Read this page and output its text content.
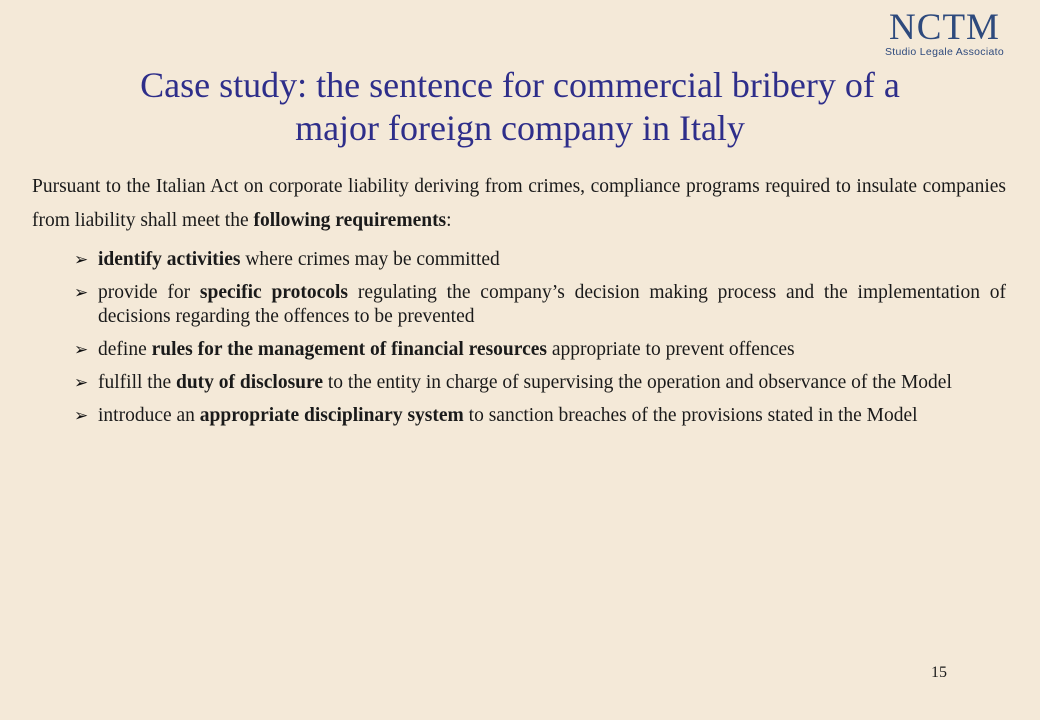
NCTM
Studio Legale Associato
Case study: the sentence for commercial bribery of a
major foreign company in Italy

Pursuant to the Italian Act on corporate liability deriving from crimes, compliance programs required to insulate companies from liability shall meet the following requirements:

➢ identify activities where crimes may be committed
➢ provide for specific protocols regulating the company’s decision making process and the implementation of decisions regarding the offences to be prevented
➢ define rules for the management of financial resources appropriate to prevent offences
➢ fulfill the duty of disclosure to the entity in charge of supervising the operation and observance of the Model
➢ introduce an appropriate disciplinary system to sanction breaches of the provisions stated in the Model
15
